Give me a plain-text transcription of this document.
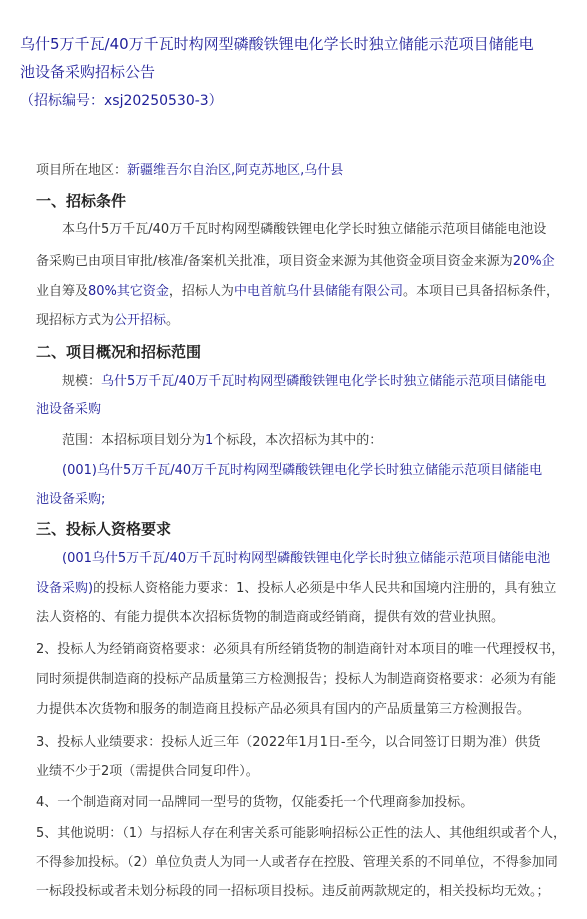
乌什5万千瓦/40万千瓦时构网型磷酸铁锂电化学长时独立储能示范项目储能电
池设备采购招标公告
（招标编号：xsj20250530-3）
项目所在地区：新疆维吾尔自治区,阿克苏地区,乌什县
一、招标条件
本乌什5万千瓦/40万千瓦时构网型磷酸铁锂电化学长时独立储能示范项目储能电池设
备采购已由项目审批/核准/备案机关批准，项目资金来源为其他资金项目资金来源为20%企
业自筹及80%其它资金，招标人为中电首航乌什县储能有限公司。本项目已具备招标条件，
现招标方式为公开招标。
二、项目概况和招标范围
规模：乌什5万千瓦/40万千瓦时构网型磷酸铁锂电化学长时独立储能示范项目储能电
池设备采购
范围：本招标项目划分为1个标段，本次招标为其中的：
(001)乌什5万千瓦/40万千瓦时构网型磷酸铁锂电化学长时独立储能示范项目储能电
池设备采购;
三、投标人资格要求
(001乌什5万千瓦/40万千瓦时构网型磷酸铁锂电化学长时独立储能示范项目储能电池
设备采购)的投标人资格能力要求：1、投标人必须是中华人民共和国境内注册的，具有独立
法人资格的、有能力提供本次招标货物的制造商或经销商，提供有效的营业执照。
2、投标人为经销商资格要求：必须具有所经销货物的制造商针对本项目的唯一代理授权书，
同时须提供制造商的投标产品质量第三方检测报告；投标人为制造商资格要求：必须为有能
力提供本次货物和服务的制造商且投标产品必须具有国内的产品质量第三方检测报告。
3、投标人业绩要求：投标人近三年（2022年1月1日-至今，以合同签订日期为准）供货
业绩不少于2项（需提供合同复印件）。
4、一个制造商对同一品牌同一型号的货物，仅能委托一个代理商参加投标。
5、其他说明：（1）与招标人存在利害关系可能影响招标公正性的法人、其他组织或者个人，
不得参加投标。（2）单位负责人为同一人或者存在控股、管理关系的不同单位，不得参加同
一标段投标或者未划分标段的同一招标项目投标。违反前两款规定的，相关投标均无效。；
